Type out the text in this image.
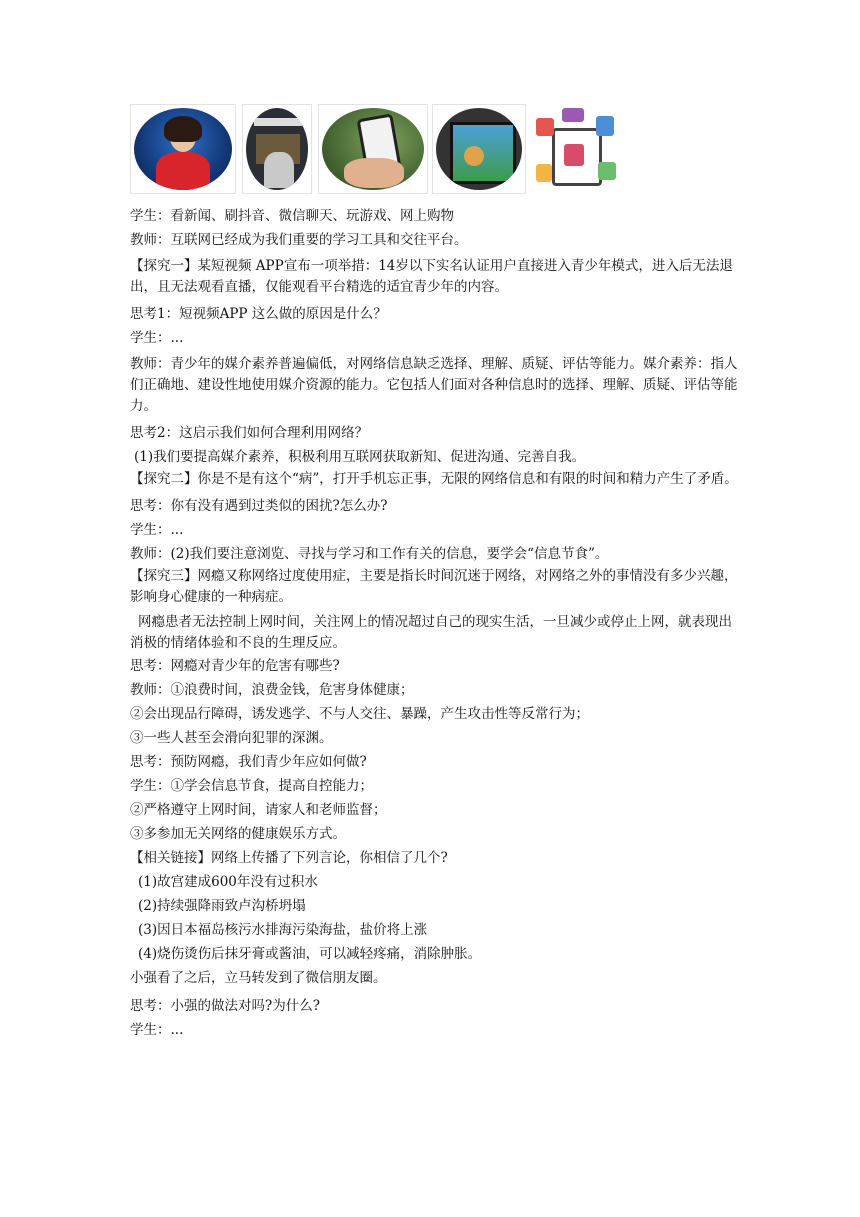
学生：看新闻、刷抖音、微信聊天、玩游戏、网上购物
教师：互联网已经成为我们重要的学习工具和交往平台。

【探究一】某短视频 APP宣布一项举措：14岁以下实名认证用户直接进入青少年模式，进入后无法退出，且无法观看直播，仅能观看平台精选的适宜青少年的内容。

思考1：短视频APP 这么做的原因是什么？
学生：...

教师：青少年的媒介素养普遍偏低，对网络信息缺乏选择、理解、质疑、评估等能力。媒介素养：指人们正确地、建设性地使用媒介资源的能力。它包括人们面对各种信息时的选择、理解、质疑、评估等能力。

思考2：这启示我们如何合理利用网络？
(1)我们要提高媒介素养，积极利用互联网获取新知、促进沟通、完善自我。

【探究二】你是不是有这个“病”，打开手机忘正事，无限的网络信息和有限的时间和精力产生了矛盾。

思考：你有没有遇到过类似的困扰?怎么办?
学生：...
教师：(2)我们要注意浏览、寻找与学习和工作有关的信息，要学会“信息节食”。

【探究三】网瘾又称网络过度使用症，主要是指长时间沉迷于网络，对网络之外的事情没有多少兴趣，影响身心健康的一种病症。

网瘾患者无法控制上网时间，关注网上的情况超过自己的现实生活，一旦减少或停止上网，就表现出消极的情绪体验和不良的生理反应。

思考：网瘾对青少年的危害有哪些?
教师：①浪费时间，浪费金钱，危害身体健康；
②会出现品行障碍，诱发逃学、不与人交往、暴躁，产生攻击性等反常行为；
③一些人甚至会滑向犯罪的深渊。
思考：预防网瘾，我们青少年应如何做?
学生：①学会信息节食，提高自控能力；
②严格遵守上网时间，请家人和老师监督；
③多参加无关网络的健康娱乐方式。
【相关链接】网络上传播了下列言论，你相信了几个?
(1)故宫建成600年没有过积水
(2)持续强降雨致卢沟桥坍塌
(3)因日本福岛核污水排海污染海盐，盐价将上涨
(4)烧伤烫伤后抹牙膏或酱油，可以减轻疼痛，消除肿胀。
小强看了之后，立马转发到了微信朋友圈。
思考：小强的做法对吗?为什么?
学生：...
